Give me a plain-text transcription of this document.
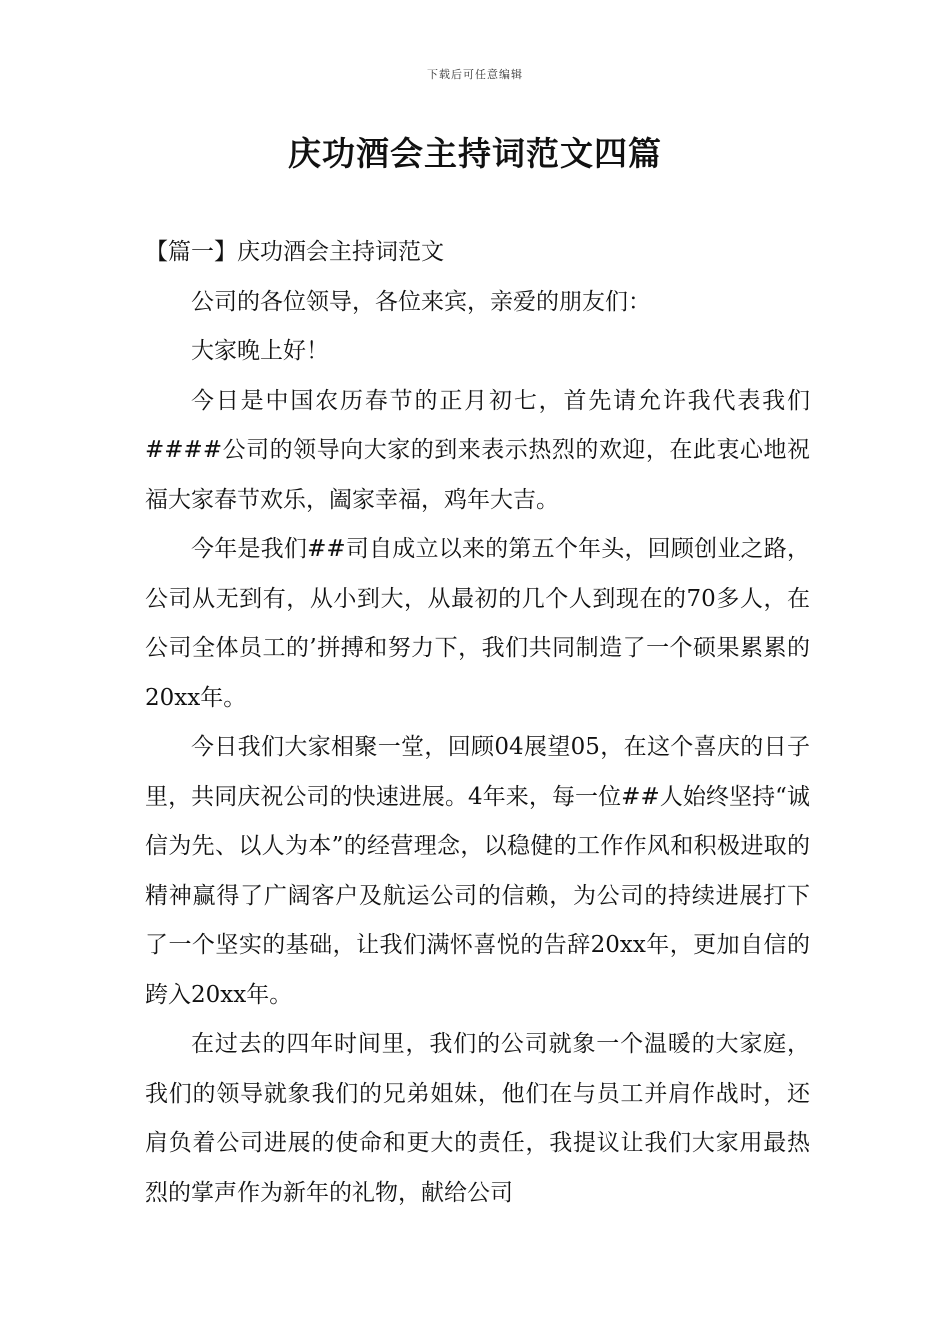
下载后可任意编辑
庆功酒会主持词范文四篇

【篇一】庆功酒会主持词范文

公司的各位领导，各位来宾，亲爱的朋友们：

大家晚上好！

今日是中国农历春节的正月初七，首先请允许我代表我们####公司的领导向大家的到来表示热烈的欢迎，在此衷心地祝福大家春节欢乐，阖家幸福，鸡年大吉。

今年是我们##司自成立以来的第五个年头，回顾创业之路，公司从无到有，从小到大，从最初的几个人到现在的70多人，在公司全体员工的’拼搏和努力下，我们共同制造了一个硕果累累的20xx年。

今日我们大家相聚一堂，回顾04展望05，在这个喜庆的日子里，共同庆祝公司的快速进展。4年来，每一位##人始终坚持“诚信为先、以人为本”的经营理念，以稳健的工作作风和积极进取的精神赢得了广阔客户及航运公司的信赖，为公司的持续进展打下了一个坚实的基础，让我们满怀喜悦的告辞20xx年，更加自信的跨入20xx年。

在过去的四年时间里，我们的公司就象一个温暖的大家庭，我们的领导就象我们的兄弟姐妹，他们在与员工并肩作战时，还肩负着公司进展的使命和更大的责任，我提议让我们大家用最热烈的掌声作为新年的礼物，献给公司
